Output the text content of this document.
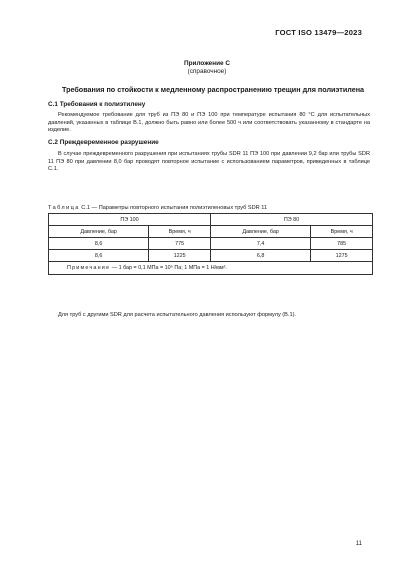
ГОСТ ISO 13479—2023
Приложение С
(справочное)
Требования по стойкости к медленному распространению трещин для полиэтилена
С.1 Требования к полиэтилену
Рекомендуемое требование для труб из ПЭ 80 и ПЭ 100 при температуре испытания 80 °С для испытательных давлений, указанных в таблице В.1, должно быть равно или более 500 ч или соответствовать указанному в стандарте на изделие.
С.2 Преждевременное разрушение
В случае преждевременного разрушения при испытаниях трубы SDR 11 ПЭ 100 при давлении 9,2 бар или трубы SDR 11 ПЭ 80 при давлении 8,0 бар проводят повторное испытание с использованием параметров, приведенных в таблице С.1.
Таблица С.1 — Параметры повторного испытания полиэтиленовых труб SDR 11
ПЭ 100		ПЭ 80	
Давление, бар	Время, ч	Давление, бар	Время, ч
8,6	775	7,4	785
8,6	1225	6,8	1275
Примечание — 1 бар = 0,1 МПа = 10⁵ Па; 1 МПа = 1 Н/мм².			
Для труб с другими SDR для расчета испытательного давления используют формулу (В.1).
11
